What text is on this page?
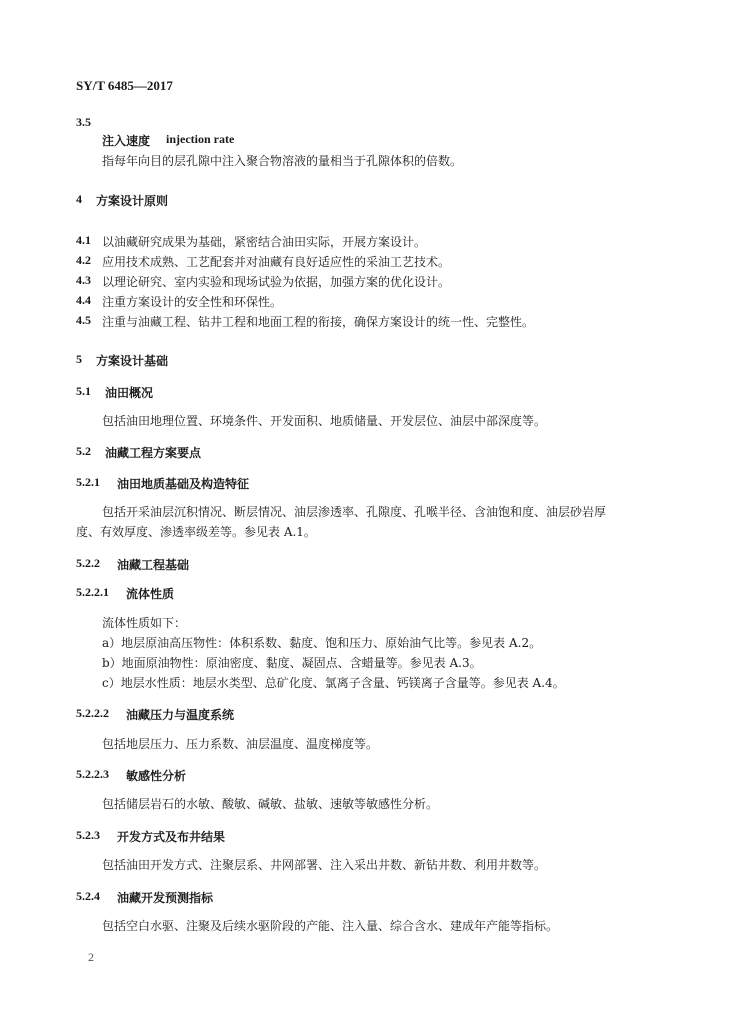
SY/T 6485—2017
3.5
注入速度 injection rate
指每年向目的层孔隙中注入聚合物溶液的量相当于孔隙体积的倍数。
4 方案设计原则
4.1 以油藏研究成果为基础，紧密结合油田实际，开展方案设计。
4.2 应用技术成熟、工艺配套并对油藏有良好适应性的采油工艺技术。
4.3 以理论研究、室内实验和现场试验为依据，加强方案的优化设计。
4.4 注重方案设计的安全性和环保性。
4.5 注重与油藏工程、钻井工程和地面工程的衔接，确保方案设计的统一性、完整性。
5 方案设计基础
5.1 油田概况
包括油田地理位置、环境条件、开发面积、地质储量、开发层位、油层中部深度等。
5.2 油藏工程方案要点
5.2.1 油田地质基础及构造特征
包括开采油层沉积情况、断层情况、油层渗透率、孔隙度、孔喉半径、含油饱和度、油层砂岩厚
度、有效厚度、渗透率级差等。参见表 A.1。
5.2.2 油藏工程基础
5.2.2.1 流体性质
流体性质如下：
a）地层原油高压物性：体积系数、黏度、饱和压力、原始油气比等。参见表 A.2。
b）地面原油物性：原油密度、黏度、凝固点、含蜡量等。参见表 A.3。
c）地层水性质：地层水类型、总矿化度、氯离子含量、钙镁离子含量等。参见表 A.4。
5.2.2.2 油藏压力与温度系统
包括地层压力、压力系数、油层温度、温度梯度等。
5.2.2.3 敏感性分析
包括储层岩石的水敏、酸敏、碱敏、盐敏、速敏等敏感性分析。
5.2.3 开发方式及布井结果
包括油田开发方式、注聚层系、井网部署、注入采出井数、新钻井数、利用井数等。
5.2.4 油藏开发预测指标
包括空白水驱、注聚及后续水驱阶段的产能、注入量、综合含水、建成年产能等指标。
2
